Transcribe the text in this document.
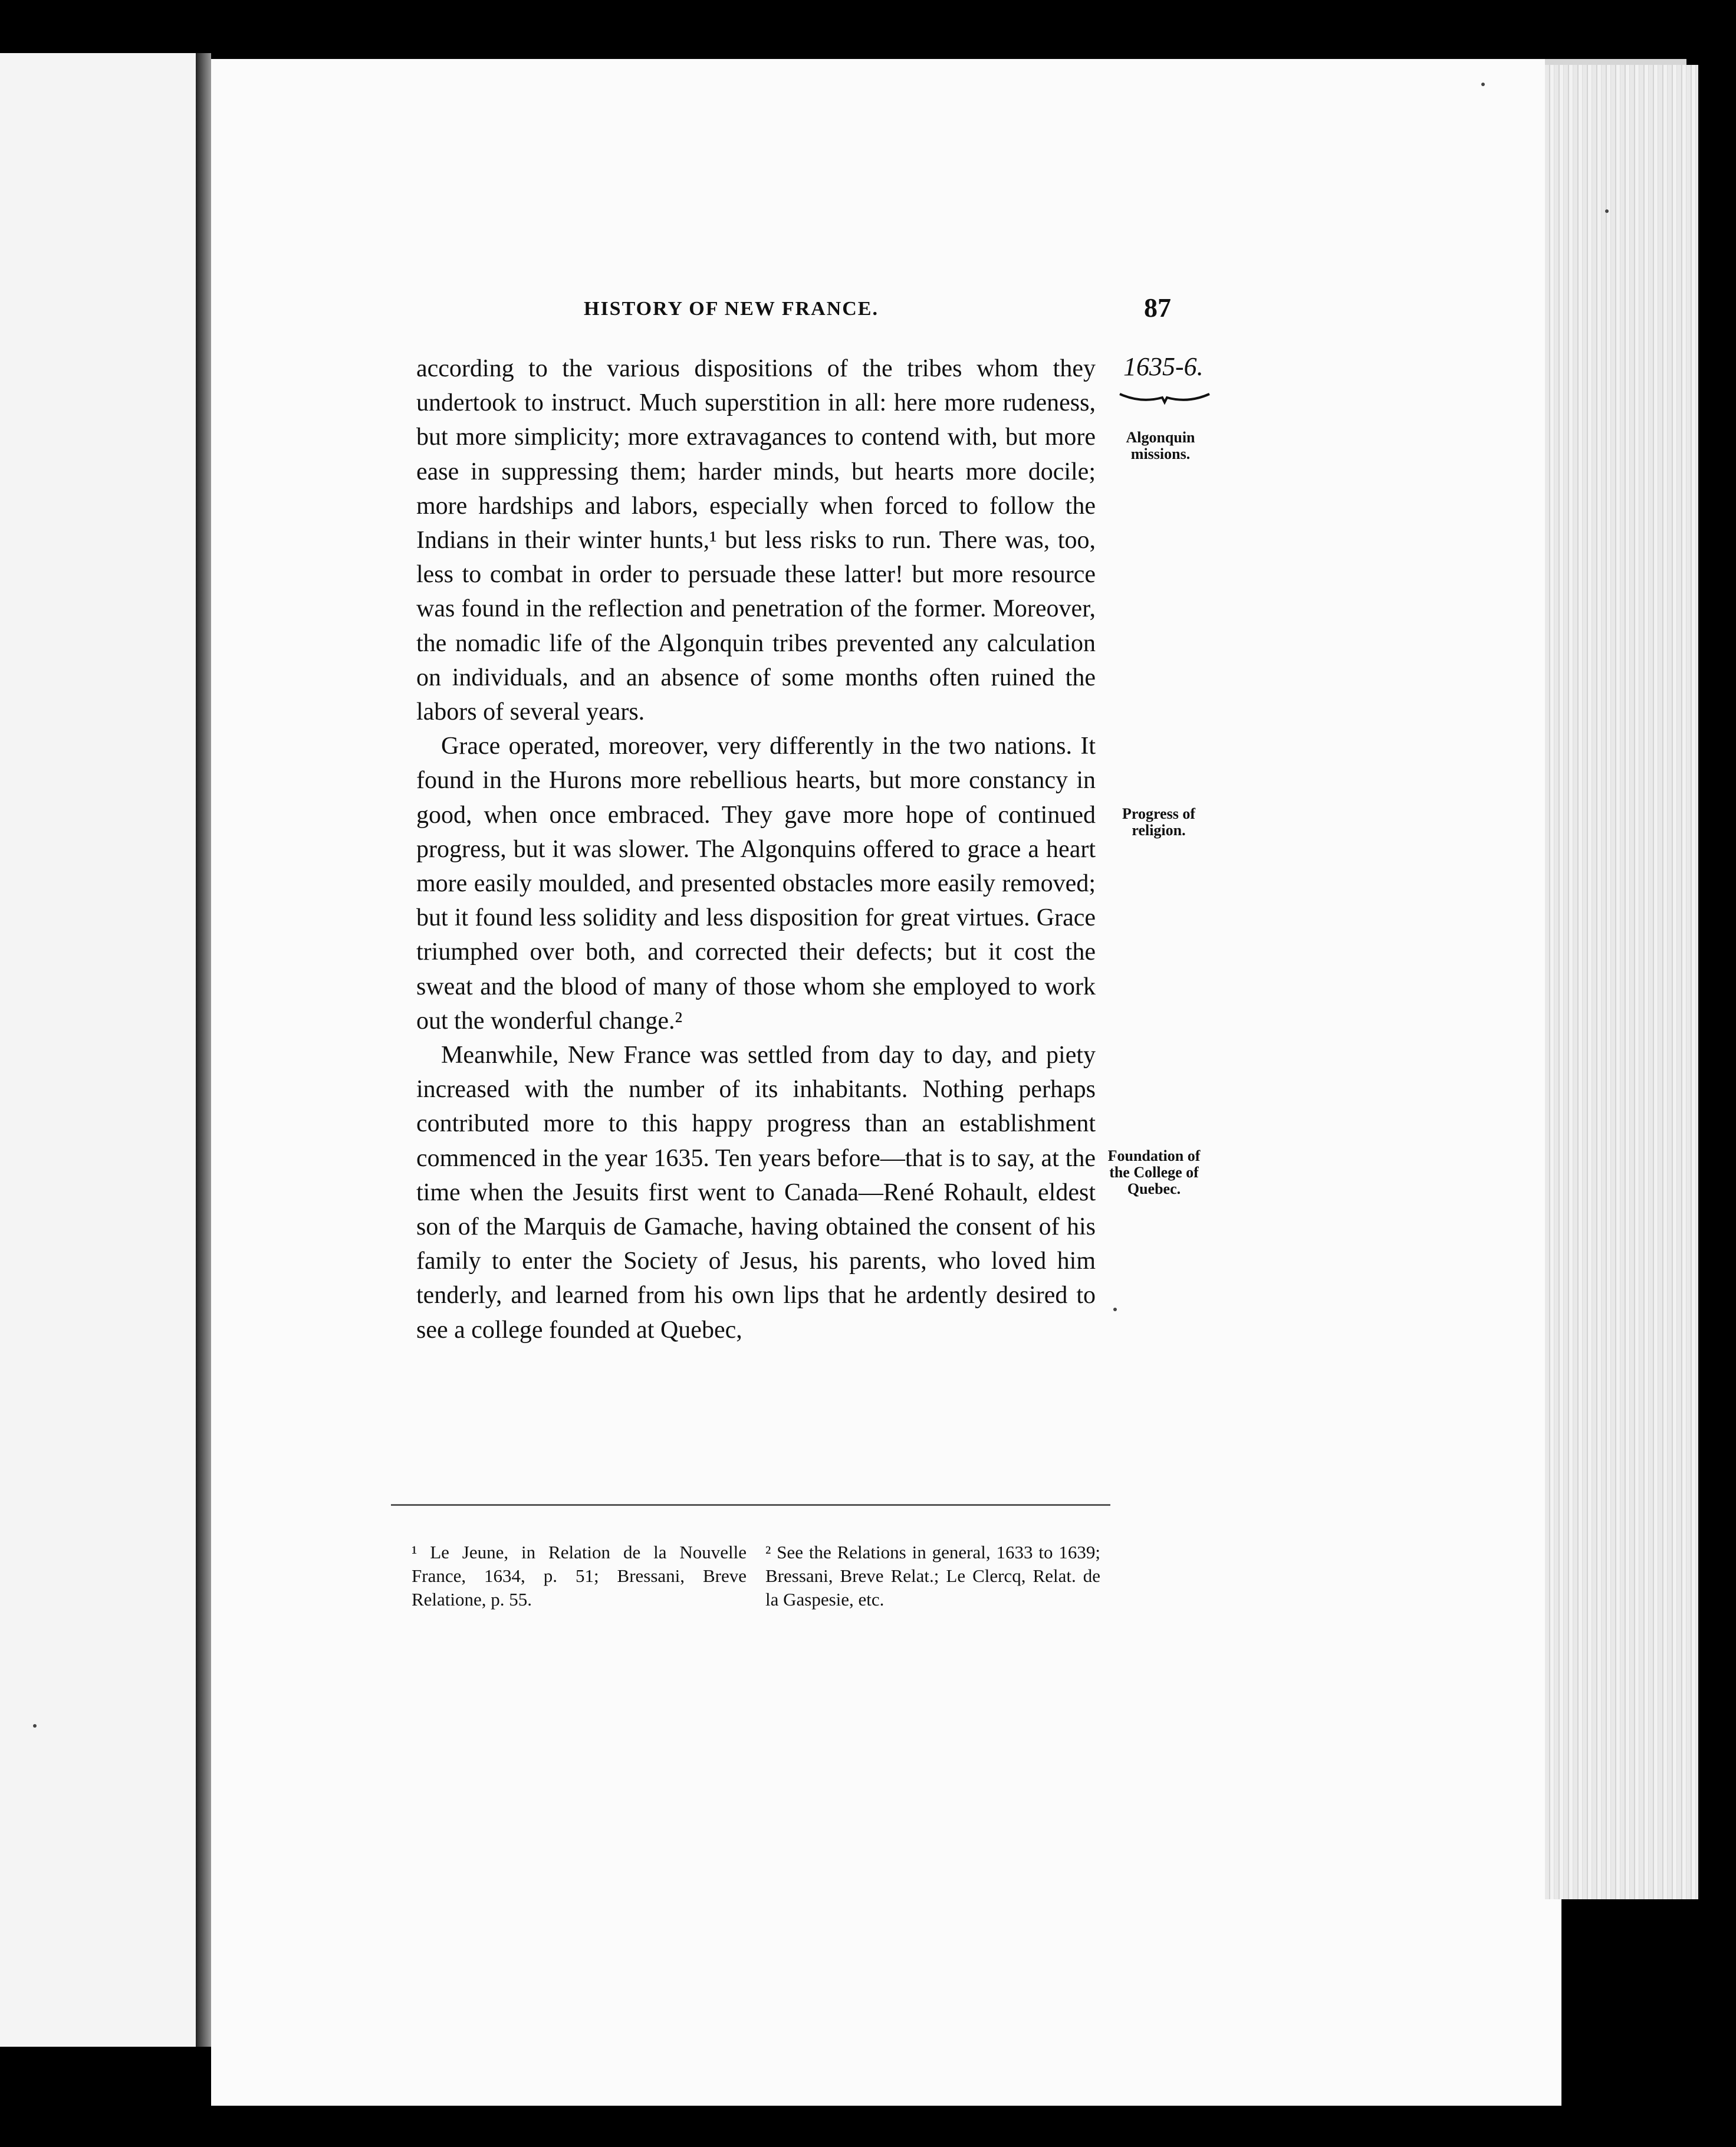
HISTORY OF NEW FRANCE.	87
1635-6.
Algonquin missions.
Progress of religion.
Foundation of the College of Quebec.

according to the various dispositions of the tribes whom they undertook to instruct. Much superstition in all: here more rudeness, but more simplicity; more extravagances to contend with, but more ease in suppressing them; harder minds, but hearts more docile; more hardships and labors, especially when forced to follow the Indians in their winter hunts,¹ but less risks to run. There was, too, less to combat in order to persuade these latter! but more resource was found in the reflection and penetration of the former. Moreover, the nomadic life of the Algonquin tribes prevented any calculation on individuals, and an absence of some months often ruined the labors of several years.

Grace operated, moreover, very differently in the two nations. It found in the Hurons more rebellious hearts, but more constancy in good, when once embraced. They gave more hope of continued progress, but it was slower. The Algonquins offered to grace a heart more easily moulded, and presented obstacles more easily removed; but it found less solidity and less disposition for great virtues. Grace triumphed over both, and corrected their defects; but it cost the sweat and the blood of many of those whom she employed to work out the wonderful change.²

Meanwhile, New France was settled from day to day, and piety increased with the number of its inhabitants. Nothing perhaps contributed more to this happy progress than an establishment commenced in the year 1635. Ten years before—that is to say, at the time when the Jesuits first went to Canada—René Rohault, eldest son of the Marquis de Gamache, having obtained the consent of his family to enter the Society of Jesus, his parents, who loved him tenderly, and learned from his own lips that he ardently desired to see a college founded at Quebec,

¹ Le Jeune, in Relation de la Nouvelle France, 1634, p. 51; Bressani, Breve Relatione, p. 55.
² See the Relations in general, 1633 to 1639; Bressani, Breve Relat.; Le Clercq, Relat. de la Gaspesie, etc.
